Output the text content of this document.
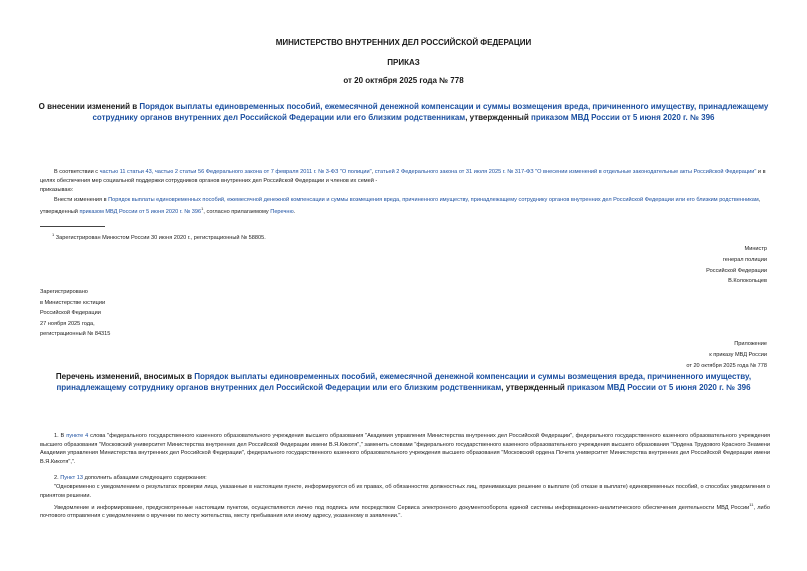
МИНИСТЕРСТВО ВНУТРЕННИХ ДЕЛ РОССИЙСКОЙ ФЕДЕРАЦИИ
ПРИКАЗ
от 20 октября 2025 года № 778
О внесении изменений в Порядок выплаты единовременных пособий, ежемесячной денежной компенсации и суммы возмещения вреда, причиненного имуществу, принадлежащему сотруднику органов внутренних дел Российской Федерации или его близким родственникам, утвержденный приказом МВД России от 5 июня 2020 г. № 396
В соответствии с частью 11 статьи 43, частью 2 статьи 56 Федерального закона от 7 февраля 2011 г. № 3-ФЗ "О полиции", статьей 2 Федерального закона от 31 июля 2025 г. № 317-ФЗ "О внесении изменений в отдельные законодательные акты Российской Федерации" и в целях обеспечения мер социальной поддержки сотрудников органов внутренних дел Российской Федерации и членов их семей -
приказываю:
Внести изменения в Порядок выплаты единовременных пособий, ежемесячной денежной компенсации и суммы возмещения вреда, причиненного имуществу, принадлежащему сотруднику органов внутренних дел Российской Федерации или его близким родственникам, утвержденный приказом МВД России от 5 июня 2020 г. № $396^1$, согласно прилагаемому Перечню.
$^1$ Зарегистрирован Минюстом России 30 июня 2020 г., регистрационный № 58805.
Министр
генерал полиции
Российской Федерации
В.Колокольцев
Зарегистрировано
в Министерстве юстиции
Российской Федерации
27 ноября 2025 года,
регистрационный № 84315
Приложение
к приказу МВД России
от 20 октября 2025 года № 778
Перечень изменений, вносимых в Порядок выплаты единовременных пособий, ежемесячной денежной компенсации и суммы возмещения вреда, причиненного имуществу, принадлежащему сотруднику органов внутренних дел Российской Федерации или его близким родственникам, утвержденный приказом МВД России от 5 июня 2020 г. № 396
1. В пункте 4 слова "федерального государственного казенного образовательного учреждения высшего образования "Академия управления Министерства внутренних дел Российской Федерации", федерального государственного казенного образовательного учреждения высшего образования "Московский университет Министерства внутренних дел Российской Федерации имени В.Я.Кикотя"," заменить словами "федерального государственного казенного образовательного учреждения высшего образования "Ордена Трудового Красного Знамени Академия управления Министерства внутренних дел Российской Федерации", федерального государственного казенного образовательного учреждения высшего образования "Московский ордена Почета университет Министерства внутренних дел Российской Федерации имени В.Я.Кикотя",".
2. Пункт 13 дополнить абзацами следующего содержания:
"Одновременно с уведомлением о результатах проверки лица, указанные в настоящем пункте, информируются об их правах, об обязанностях должностных лиц, принимающих решение о выплате (об отказе в выплате) единовременных пособий, о способах уведомления о принятом решении.
Уведомление и информирование, предусмотренные настоящим пунктом, осуществляются лично под подпись или посредством Сервиса электронного документооборота единой системы информационно-аналитического обеспечения деятельности МВД России$^{11}$, либо почтового отправления с уведомлением о вручении по месту жительства, месту пребывания или иному адресу, указанному в заявлении.".
